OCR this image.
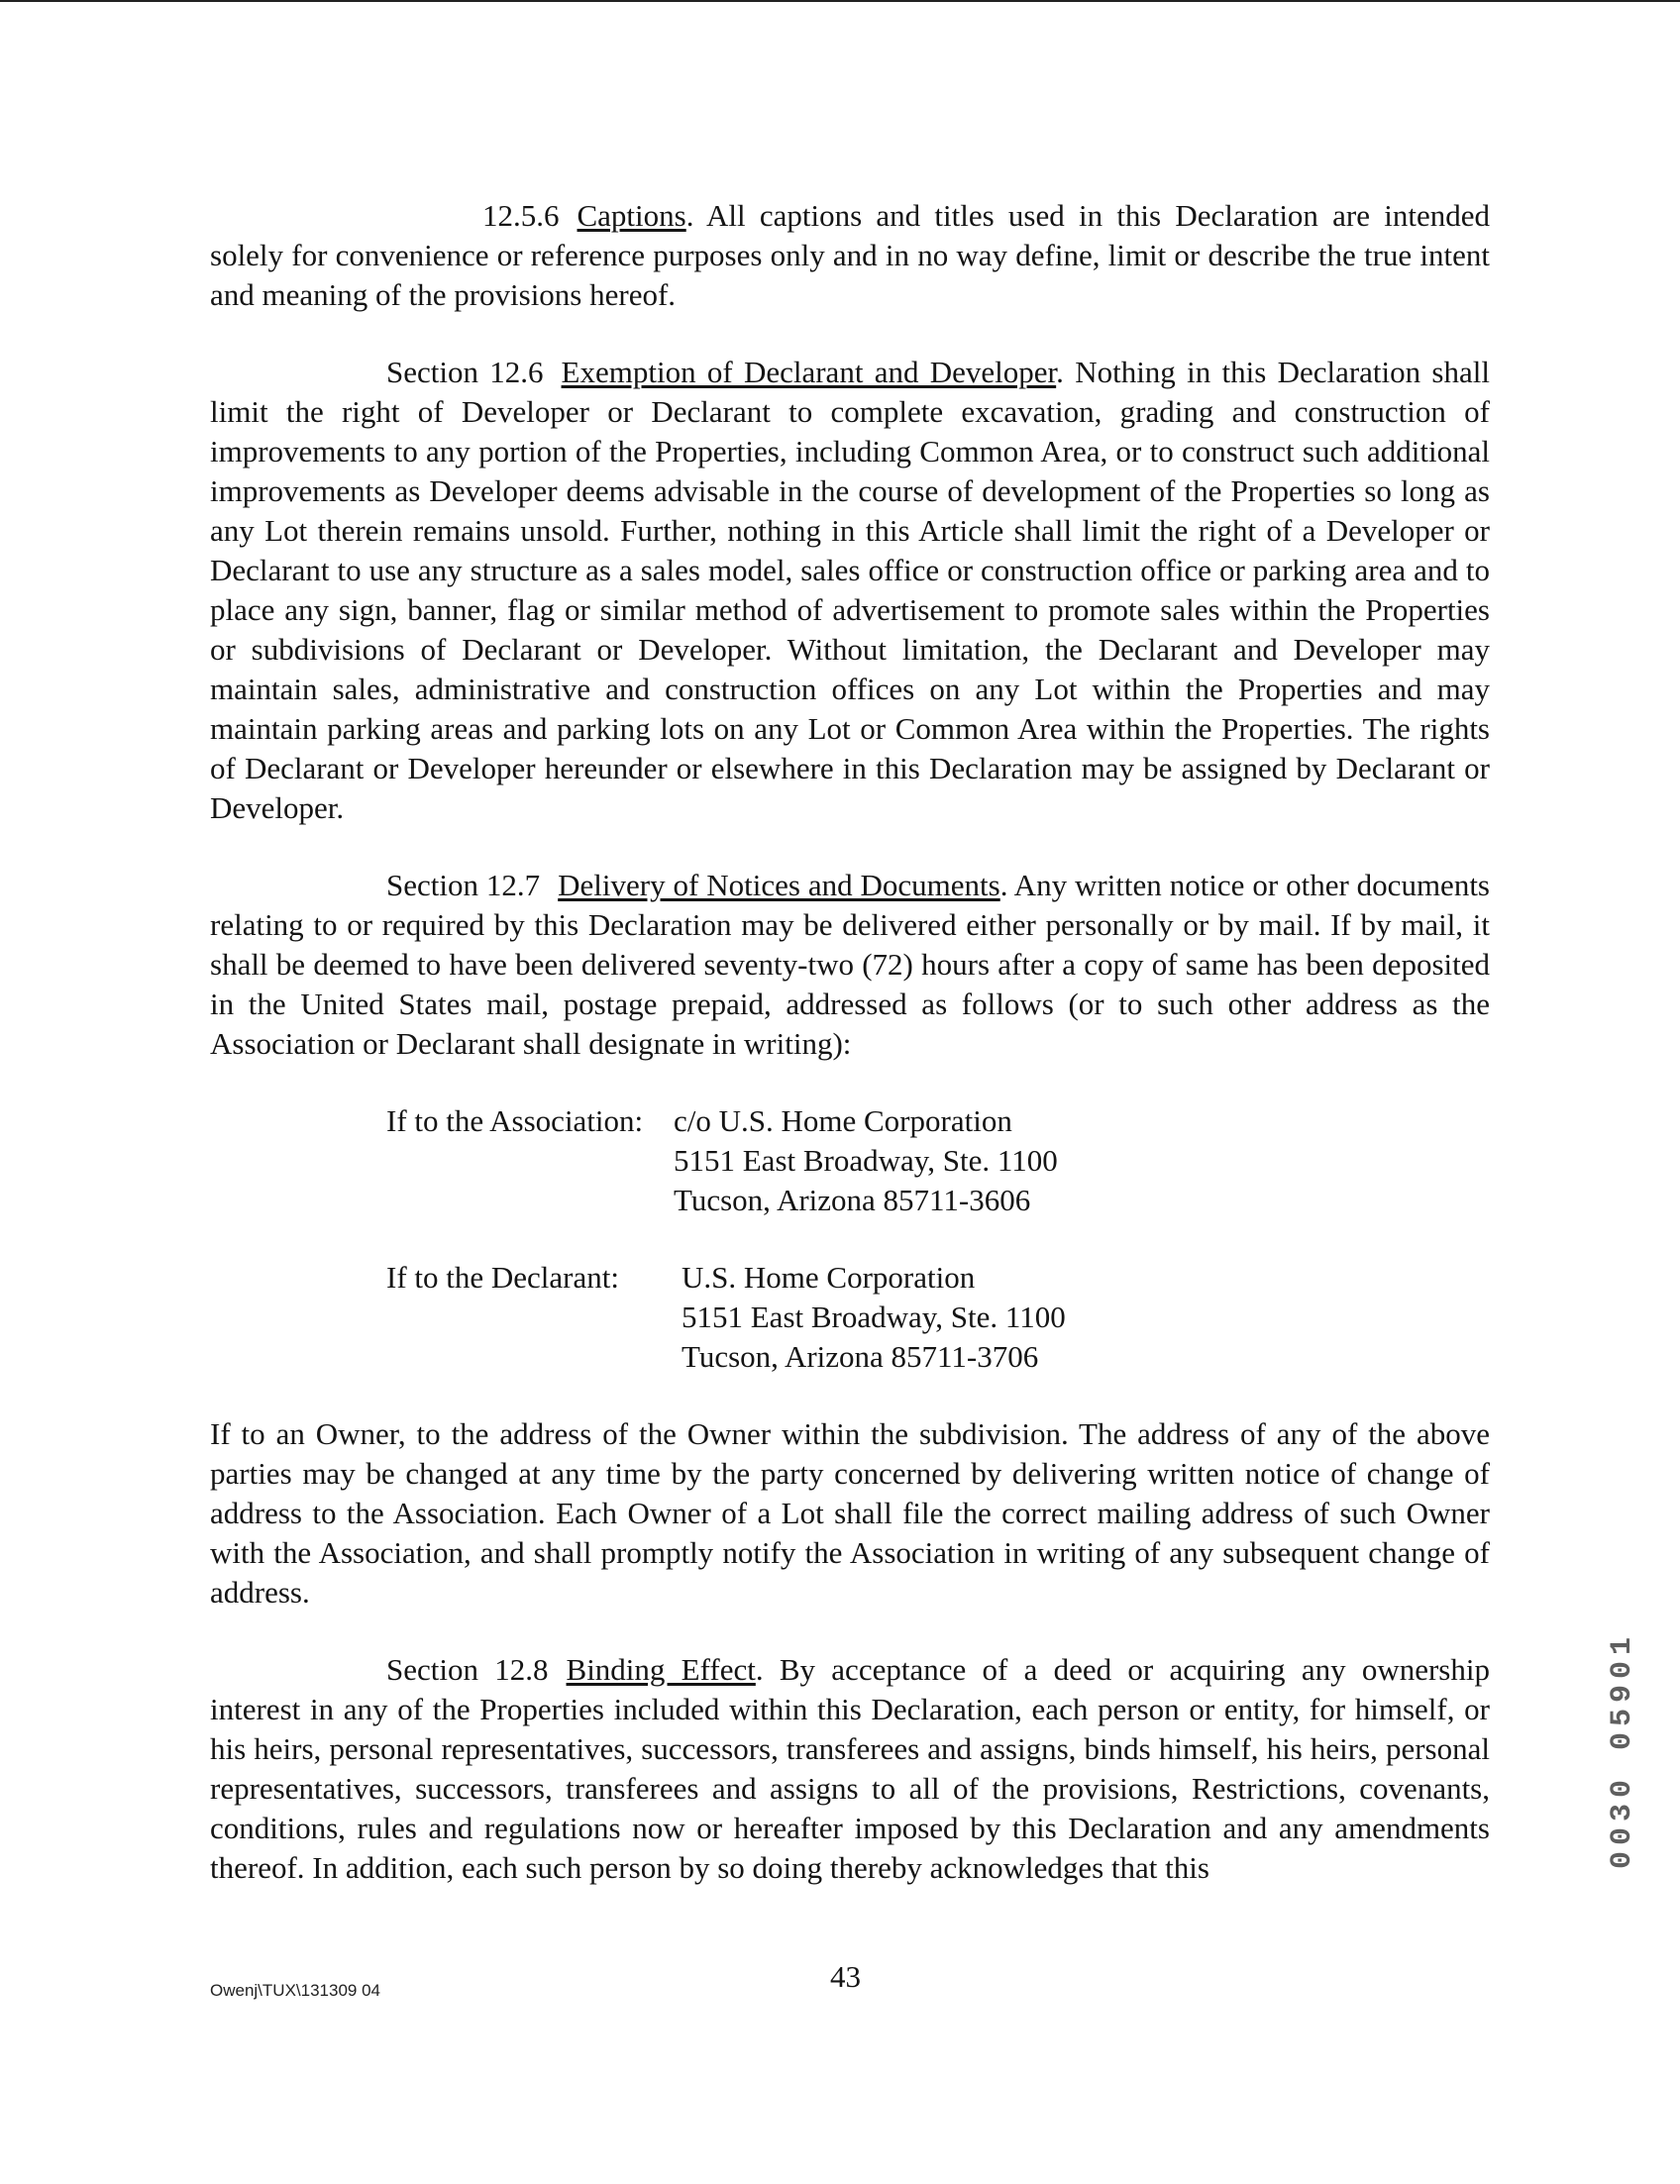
12.5.6 Captions. All captions and titles used in this Declaration are intended solely for convenience or reference purposes only and in no way define, limit or describe the true intent and meaning of the provisions hereof.

Section 12.6 Exemption of Declarant and Developer. Nothing in this Declaration shall limit the right of Developer or Declarant to complete excavation, grading and construction of improvements to any portion of the Properties, including Common Area, or to construct such additional improvements as Developer deems advisable in the course of development of the Properties so long as any Lot therein remains unsold. Further, nothing in this Article shall limit the right of a Developer or Declarant to use any structure as a sales model, sales office or construction office or parking area and to place any sign, banner, flag or similar method of advertisement to promote sales within the Properties or subdivisions of Declarant or Developer. Without limitation, the Declarant and Developer may maintain sales, administrative and construction offices on any Lot within the Properties and may maintain parking areas and parking lots on any Lot or Common Area within the Properties. The rights of Declarant or Developer hereunder or elsewhere in this Declaration may be assigned by Declarant or Developer.

Section 12.7 Delivery of Notices and Documents. Any written notice or other documents relating to or required by this Declaration may be delivered either personally or by mail. If by mail, it shall be deemed to have been delivered seventy-two (72) hours after a copy of same has been deposited in the United States mail, postage prepaid, addressed as follows (or to such other address as the Association or Declarant shall designate in writing):

If to the Association: c/o U.S. Home Corporation
5151 East Broadway, Ste. 1100
Tucson, Arizona 85711-3606
If to the Declarant:	U.S. Home Corporation
5151 East Broadway, Ste. 1100
Tucson, Arizona 85711-3706

If to an Owner, to the address of the Owner within the subdivision. The address of any of the above parties may be changed at any time by the party concerned by delivering written notice of change of address to the Association. Each Owner of a Lot shall file the correct mailing address of such Owner with the Association, and shall promptly notify the Association in writing of any subsequent change of address.

Section 12.8 Binding Effect. By acceptance of a deed or acquiring any ownership interest in any of the Properties included within this Declaration, each person or entity, for himself, or his heirs, personal representatives, successors, transferees and assigns, binds himself, his heirs, personal representatives, successors, transferees and assigns to all of the provisions, Restrictions, covenants, conditions, rules and regulations now or hereafter imposed by this Declaration and any amendments thereof. In addition, each such person by so doing thereby acknowledges that this

Owenj\TUX\131309 04	43
0030 05901
